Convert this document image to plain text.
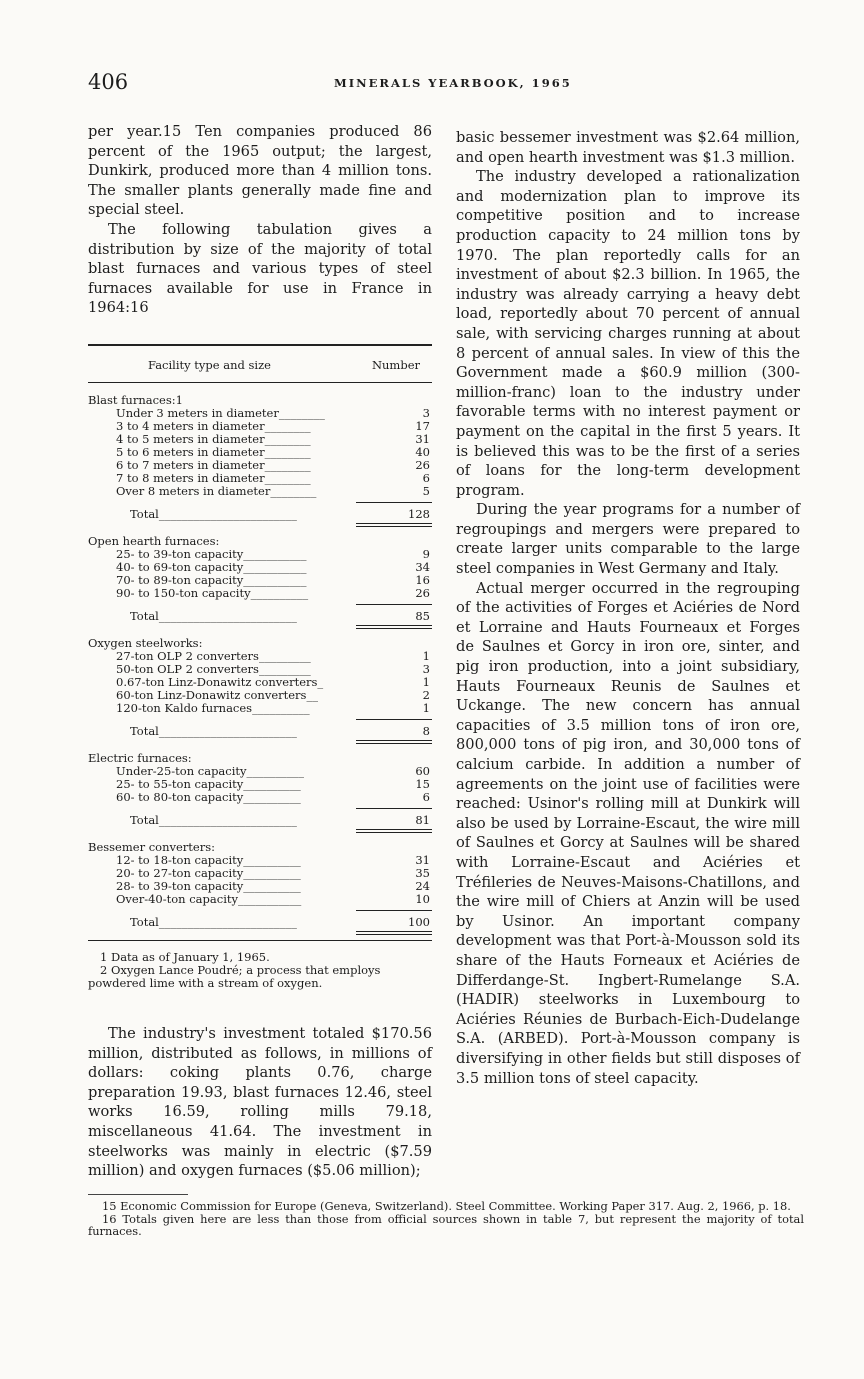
406	MINERALS YEARBOOK, 1965

per year.15 Ten companies produced 86 percent of the 1965 output; the largest, Dunkirk, produced more than 4 million tons. The smaller plants generally made fine and special steel.

The following tabulation gives a distribution by size of the majority of total blast furnaces and various types of steel furnaces available for use in France in 1964:16

Facility type and size	Number
Blast furnaces:1
Under 3 meters in diameter________	3
3 to 4 meters in diameter________	17
4 to 5 meters in diameter________	31
5 to 6 meters in diameter________	40
6 to 7 meters in diameter________	26
7 to 8 meters in diameter________	6
Over 8 meters in diameter________	5
Total________________________	128
Open hearth furnaces:
25- to 39-ton capacity___________	9
40- to 69-ton capacity___________	34
70- to 89-ton capacity___________	16
90- to 150-ton capacity__________	26
Total________________________	85
Oxygen steelworks:
27-ton OLP 2 converters_________	1
50-ton OLP 2 converters_________	3
0.67-ton Linz-Donawitz converters_	1
60-ton Linz-Donawitz converters__	2
120-ton Kaldo furnaces__________	1
Total________________________	8
Electric furnaces:
Under-25-ton capacity__________	60
25- to 55-ton capacity__________	15
60- to 80-ton capacity__________	6
Total________________________	81
Bessemer converters:
12- to 18-ton capacity__________	31
20- to 27-ton capacity__________	35
28- to 39-ton capacity__________	24
Over-40-ton capacity___________	10
Total________________________	100
1 Data as of January 1, 1965.
2 Oxygen Lance Poudré; a process that employs powdered lime with a stream of oxygen.

The industry's investment totaled $170.56 million, distributed as follows, in millions of dollars: coking plants 0.76, charge preparation 19.93, blast furnaces 12.46, steel works 16.59, rolling mills 79.18, miscellaneous 41.64. The investment in steelworks was mainly in electric ($7.59 million) and oxygen furnaces ($5.06 million);

basic bessemer investment was $2.64 million, and open hearth investment was $1.3 million.

The industry developed a rationalization and modernization plan to improve its competitive position and to increase production capacity to 24 million tons by 1970. The plan reportedly calls for an investment of about $2.3 billion. In 1965, the industry was already carrying a heavy debt load, reportedly about 70 percent of annual sale, with servicing charges running at about 8 percent of annual sales. In view of this the Government made a $60.9 million (300-million-franc) loan to the industry under favorable terms with no interest payment or payment on the capital in the first 5 years. It is believed this was to be the first of a series of loans for the long-term development program.

During the year programs for a number of regroupings and mergers were prepared to create larger units comparable to the large steel companies in West Germany and Italy.

Actual merger occurred in the regrouping of the activities of Forges et Aciéries de Nord et Lorraine and Hauts Fourneaux et Forges de Saulnes et Gorcy in iron ore, sinter, and pig iron production, into a joint subsidiary, Hauts Fourneaux Reunis de Saulnes et Uckange. The new concern has annual capacities of 3.5 million tons of iron ore, 800,000 tons of pig iron, and 30,000 tons of calcium carbide. In addition a number of agreements on the joint use of facilities were reached: Usinor's rolling mill at Dunkirk will also be used by Lorraine-Escaut, the wire mill of Saulnes et Gorcy at Saulnes will be shared with Lorraine-Escaut and Aciéries et Tréfileries de Neuves-Maisons-Chatillons, and the wire mill of Chiers at Anzin will be used by Usinor. An important company development was that Port-à-Mousson sold its share of the Hauts Forneaux et Aciéries de Differdange-St. Ingbert-Rumelange S.A. (HADIR) steelworks in Luxembourg to Aciéries Réunies de Burbach-Eich-Dudelange S.A. (ARBED). Port-à-Mousson company is diversifying in other fields but still disposes of 3.5 million tons of steel capacity.

15 Economic Commission for Europe (Geneva, Switzerland). Steel Committee. Working Paper 317. Aug. 2, 1966, p. 18.
16 Totals given here are less than those from official sources shown in table 7, but represent the majority of total furnaces.
